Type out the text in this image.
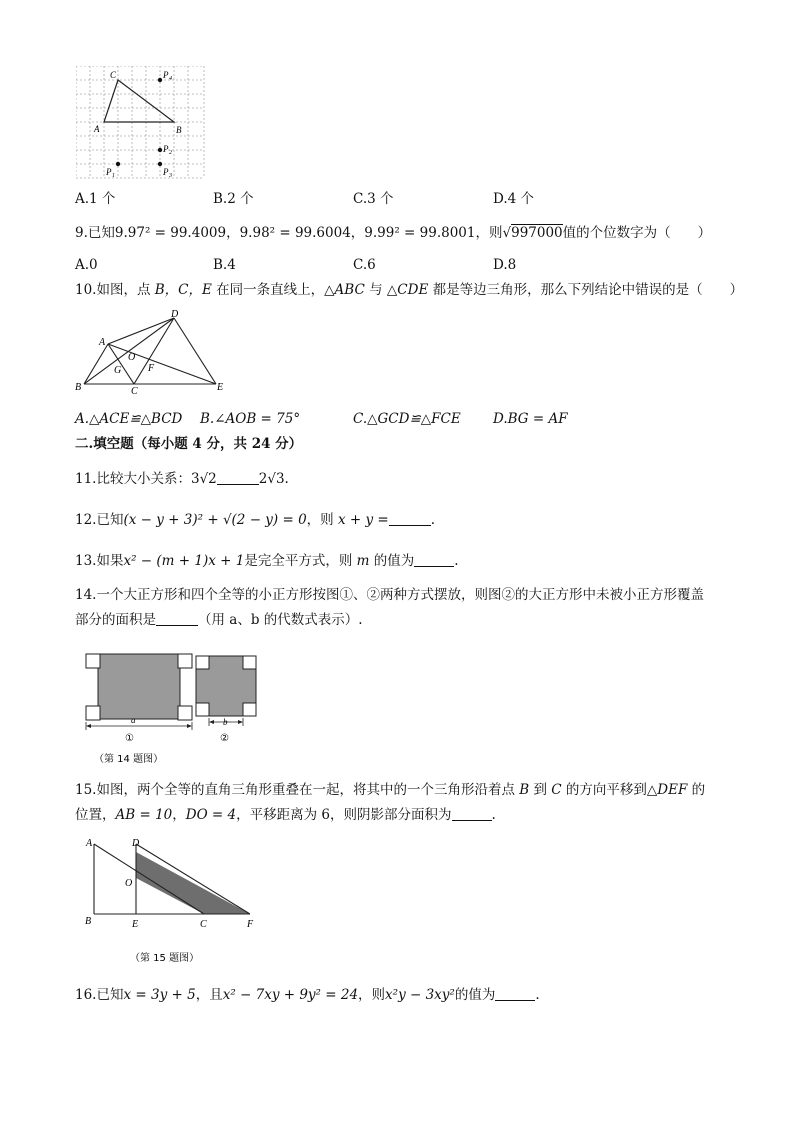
C	P 4
A	B
P 2
P 1	P 3
A.1 个	B.2 个	C.3 个	D.4 个
9.已知9.97² = 99.4009，9.98² = 99.6004，9.99² = 99.8001，则√997000值的个位数字为（　　）
A.0	B.4	C.6	D.8
10.如图，点 B，C，E 在同一条直线上，△ABC 与 △CDE 都是等边三角形，那么下列结论中错误的是（　　）
D
A
O
G	F
B	C	E
A.△ACE≌△BCD B.∠AOB = 75°	C.△GCD≌△FCE D.BG = AF
二.填空题（每小题 4 分，共 24 分）
11.比较大小关系：3√2	2√3.
12.已知(x − y + 3)² + √(2 − y) = 0，则 x + y =	.
13.如果x² − (m + 1)x + 1是完全平方式，则 m 的值为	.
14.一个大正方形和四个全等的小正方形按图①、②两种方式摆放，则图②的大正方形中未被小正方形覆盖
部分的面积是	（用 a、b 的代数式表示）.
a
①
b
②
（第 14 题图）
15.如图，两个全等的直角三角形重叠在一起，将其中的一个三角形沿着点 B 到 C 的方向平移到△DEF 的
位置，AB = 10，DO = 4，平移距离为 6，则阴影部分面积为	.
A	D
O
B	E	C	F
（第 15 题图）
16.已知x = 3y + 5，且x² − 7xy + 9y² = 24，则x²y − 3xy²的值为	.
